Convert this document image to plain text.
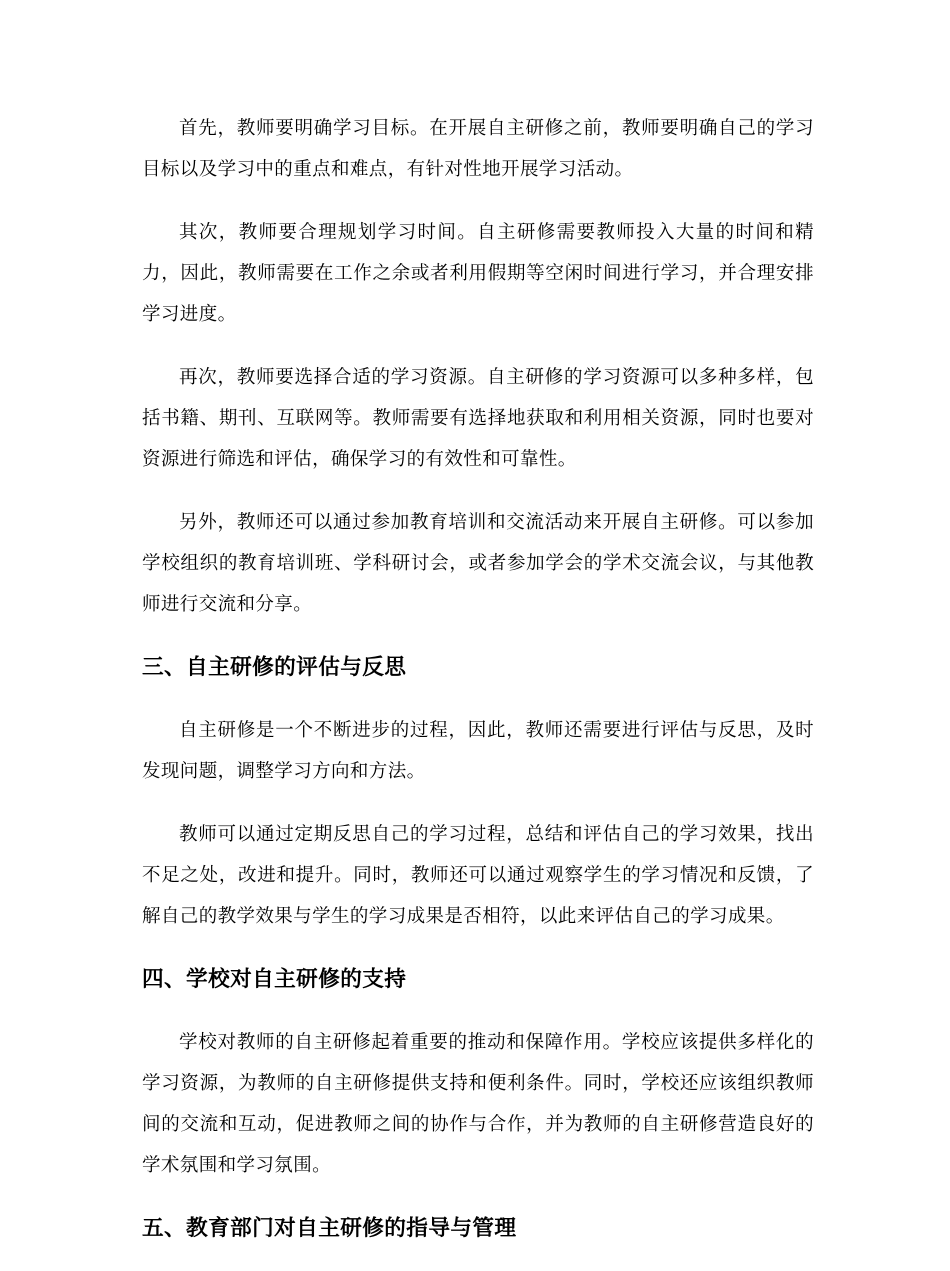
首先，教师要明确学习目标。在开展自主研修之前，教师要明确自己的学习目标以及学习中的重点和难点，有针对性地开展学习活动。

其次，教师要合理规划学习时间。自主研修需要教师投入大量的时间和精力，因此，教师需要在工作之余或者利用假期等空闲时间进行学习，并合理安排学习进度。

再次，教师要选择合适的学习资源。自主研修的学习资源可以多种多样，包括书籍、期刊、互联网等。教师需要有选择地获取和利用相关资源，同时也要对资源进行筛选和评估，确保学习的有效性和可靠性。

另外，教师还可以通过参加教育培训和交流活动来开展自主研修。可以参加学校组织的教育培训班、学科研讨会，或者参加学会的学术交流会议，与其他教师进行交流和分享。

三、自主研修的评估与反思

自主研修是一个不断进步的过程，因此，教师还需要进行评估与反思，及时发现问题，调整学习方向和方法。

教师可以通过定期反思自己的学习过程，总结和评估自己的学习效果，找出不足之处，改进和提升。同时，教师还可以通过观察学生的学习情况和反馈，了解自己的教学效果与学生的学习成果是否相符，以此来评估自己的学习成果。

四、学校对自主研修的支持

学校对教师的自主研修起着重要的推动和保障作用。学校应该提供多样化的学习资源，为教师的自主研修提供支持和便利条件。同时，学校还应该组织教师间的交流和互动，促进教师之间的协作与合作，并为教师的自主研修营造良好的学术氛围和学习氛围。

五、教育部门对自主研修的指导与管理
